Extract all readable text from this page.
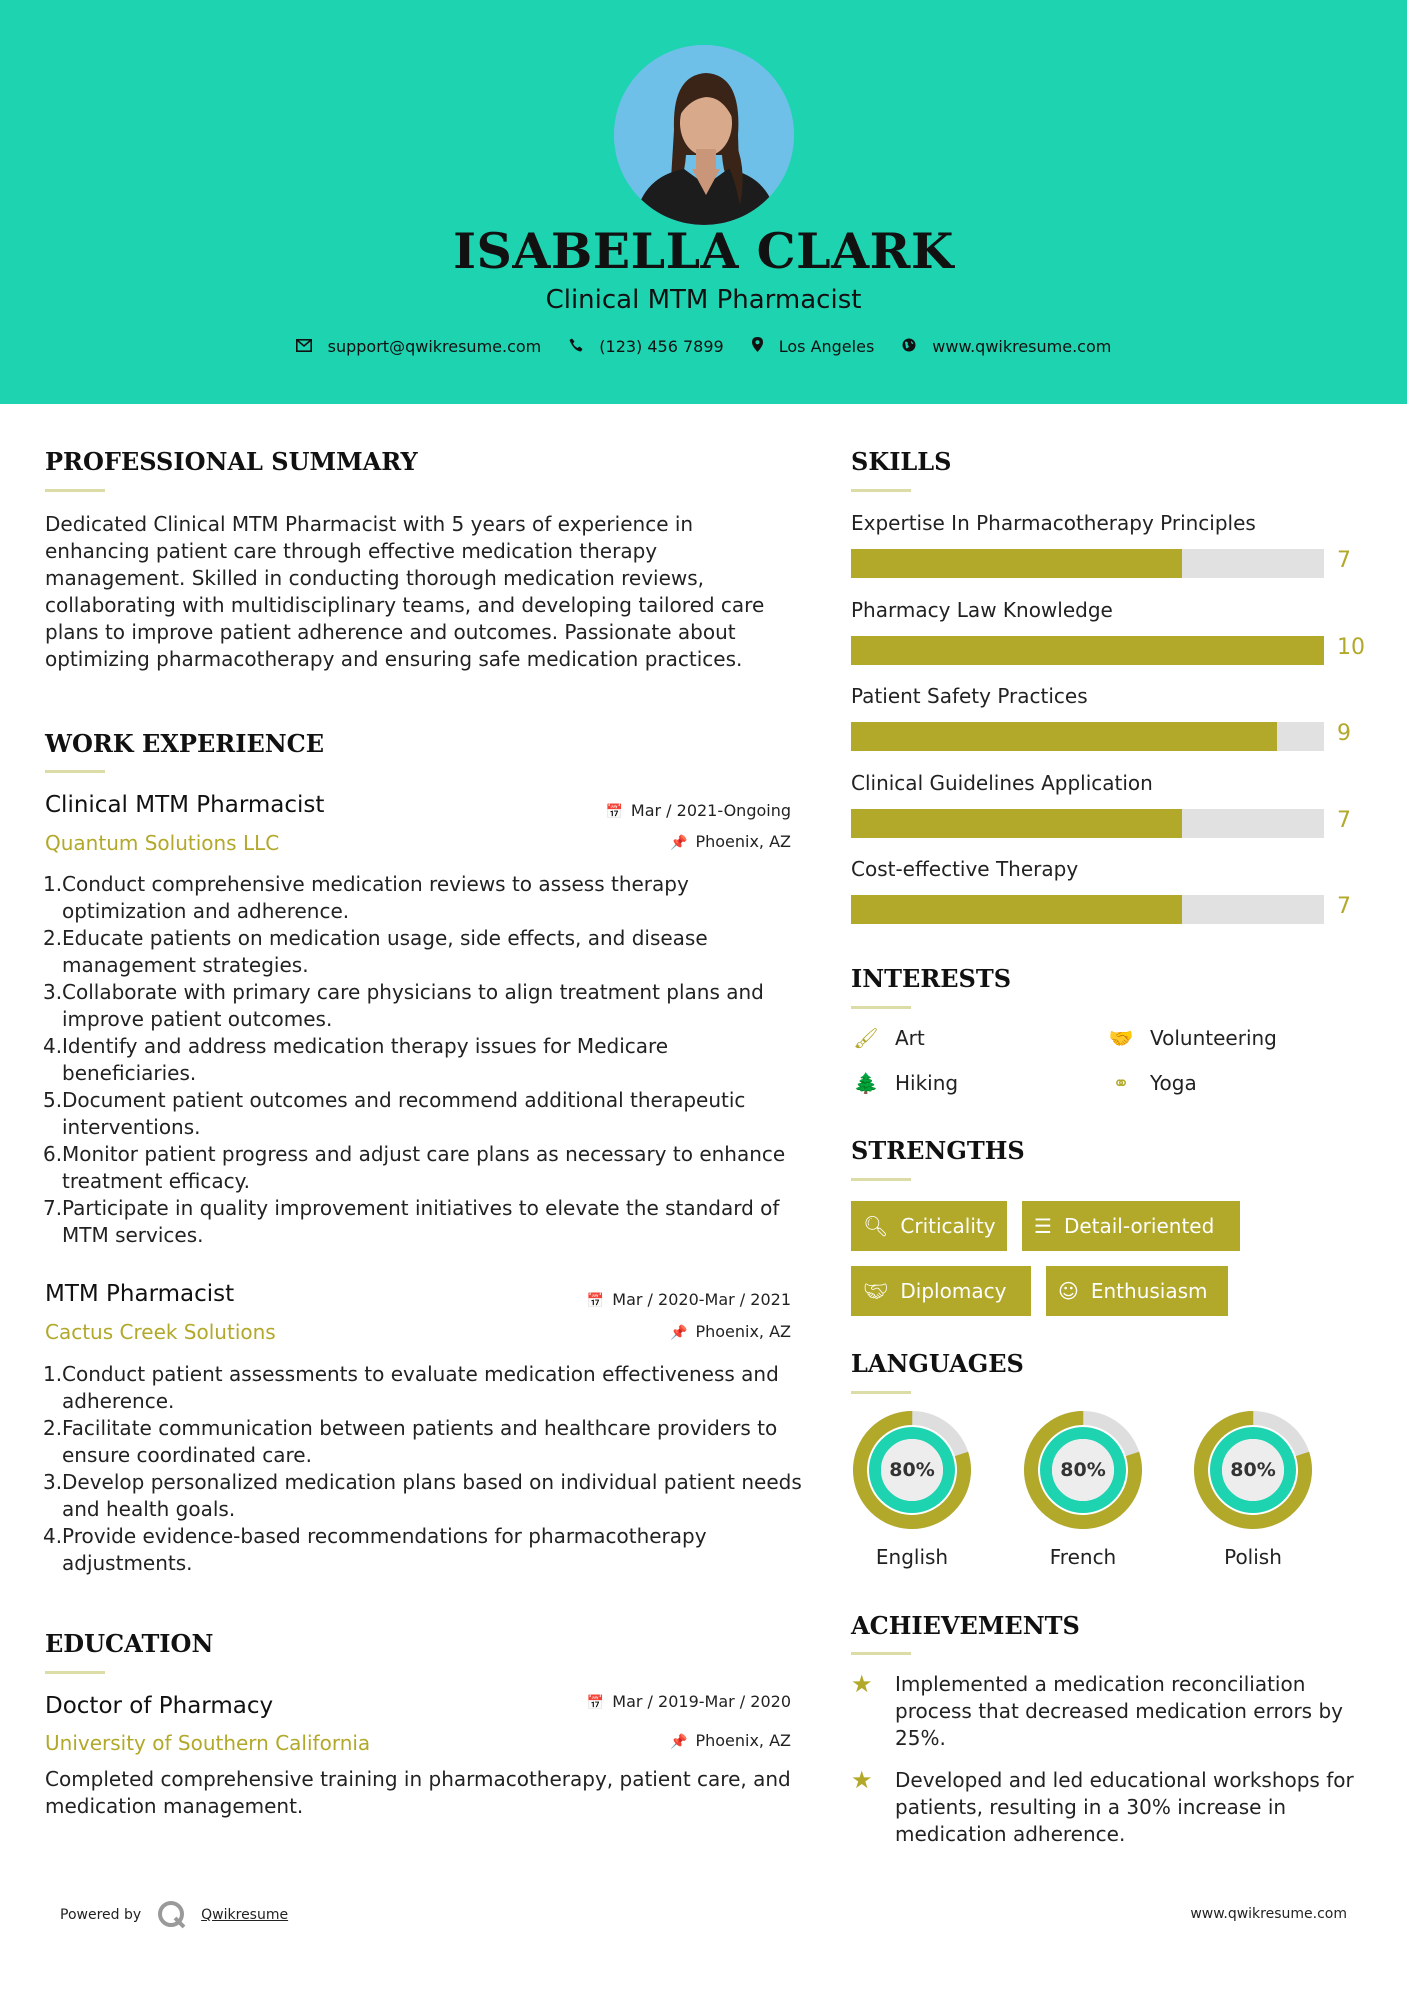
ISABELLA CLARK
Clinical MTM Pharmacist
support@qwikresume.com	(123) 456 7899	Los Angeles	www.qwikresume.com
PROFESSIONAL SUMMARY
Dedicated Clinical MTM Pharmacist with 5 years of experience in enhancing patient care through effective medication therapy management. Skilled in conducting thorough medication reviews, collaborating with multidisciplinary teams, and developing tailored care plans to improve patient adherence and outcomes. Passionate about optimizing pharmacotherapy and ensuring safe medication practices.
WORK EXPERIENCE
Clinical MTM Pharmacist	📅 Mar / 2021-Ongoing
Quantum Solutions LLC	📌 Phoenix, AZ
1. Conduct comprehensive medication reviews to assess therapy optimization and adherence.
2. Educate patients on medication usage, side effects, and disease management strategies.
3. Collaborate with primary care physicians to align treatment plans and improve patient outcomes.
4. Identify and address medication therapy issues for Medicare beneficiaries.
5. Document patient outcomes and recommend additional therapeutic interventions.
6. Monitor patient progress and adjust care plans as necessary to enhance treatment efficacy.
7. Participate in quality improvement initiatives to elevate the standard of MTM services.
MTM Pharmacist	📅 Mar / 2020-Mar / 2021
Cactus Creek Solutions	📌 Phoenix, AZ
1. Conduct patient assessments to evaluate medication effectiveness and adherence.
2. Facilitate communication between patients and healthcare providers to ensure coordinated care.
3. Develop personalized medication plans based on individual patient needs and health goals.
4. Provide evidence-based recommendations for pharmacotherapy adjustments.
EDUCATION
Doctor of Pharmacy	📅 Mar / 2019-Mar / 2020
University of Southern California	📌 Phoenix, AZ
Completed comprehensive training in pharmacotherapy, patient care, and medication management.
SKILLS
Expertise In Pharmacotherapy Principles
7
Pharmacy Law Knowledge
10
Patient Safety Practices
9
Clinical Guidelines Application
7
Cost-effective Therapy
7
INTERESTS
🖌 Art	🤝 Volunteering
🌲 Hiking	⚭	Yoga
STRENGTHS
🔍︎ Criticality ☰ Detail-oriented
🤝︎ Diplomacy	☺ Enthusiasm
LANGUAGES
80%
English
80%
French
80%
Polish
ACHIEVEMENTS
★	Implemented a medication reconciliation process that decreased medication errors by 25%.
★	Developed and led educational workshops for patients, resulting in a 30% increase in medication adherence.
Powered by	Qwikresume	www.qwikresume.com
